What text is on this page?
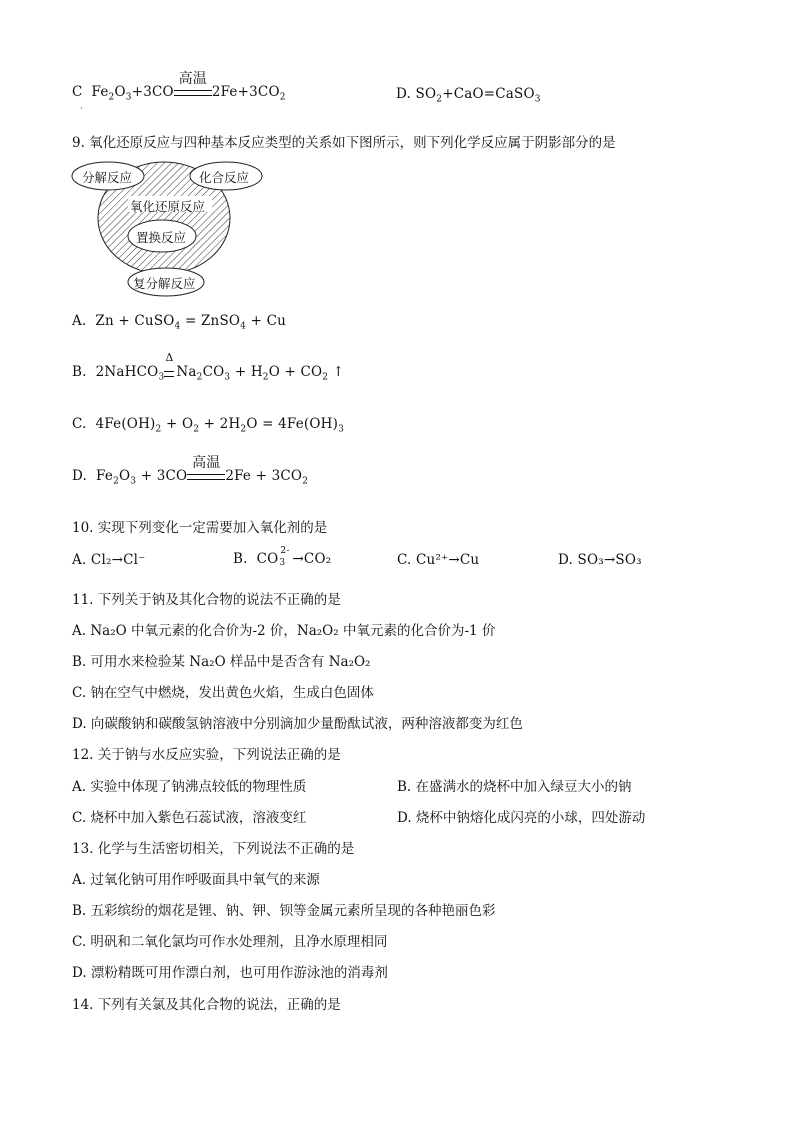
C $Fe_2O_3+3CO$
高温
$2Fe+3CO_2$
·
D. $SO_2+CaO=CaSO_3$
9. 氧化还原反应与四种基本反应类型的关系如下图所示，则下列化学反应属于阴影部分的是
分解反应	化合反应
氧化还原反应
置换反应
复分解反应
A.  Zn + CuSO$_4$ = ZnSO$_4$ + Cu
B.  2NaHCO$_3$
Δ
$Na_2CO_3 + H_2O + CO_2$ ↑
C.  $4Fe(OH)_2 + O_2 + 2H_2O = 4Fe(OH)_3$
D.  $Fe_2O_3 + 3CO$
高温
$2Fe + 3CO_2$
10. 实现下列变化一定需要加入氧化剂的是
A. Cl₂→Cl⁻	B.  CO
2-
3 →CO₂	C. Cu²⁺→Cu	D. SO₃→SO₃
11. 下列关于钠及其化合物的说法不正确的是
A. Na₂O 中氧元素的化合价为-2 价，Na₂O₂ 中氧元素的化合价为-1 价
B. 可用水来检验某 Na₂O 样品中是否含有 Na₂O₂
C. 钠在空气中燃烧，发出黄色火焰，生成白色固体
D. 向碳酸钠和碳酸氢钠溶液中分别滴加少量酚酞试液，两种溶液都变为红色
12. 关于钠与水反应实验，下列说法正确的是
A. 实验中体现了钠沸点较低的物理性质	B. 在盛满水的烧杯中加入绿豆大小的钠
C. 烧杯中加入紫色石蕊试液，溶液变红	D. 烧杯中钠熔化成闪亮的小球，四处游动
13. 化学与生活密切相关，下列说法不正确的是
A. 过氧化钠可用作呼吸面具中氧气的来源
B. 五彩缤纷的烟花是锂、钠、钾、钡等金属元素所呈现的各种艳丽色彩
C. 明矾和二氧化氯均可作水处理剂，且净水原理相同
D. 漂粉精既可用作漂白剂，也可用作游泳池的消毒剂
14. 下列有关氯及其化合物的说法，正确的是
